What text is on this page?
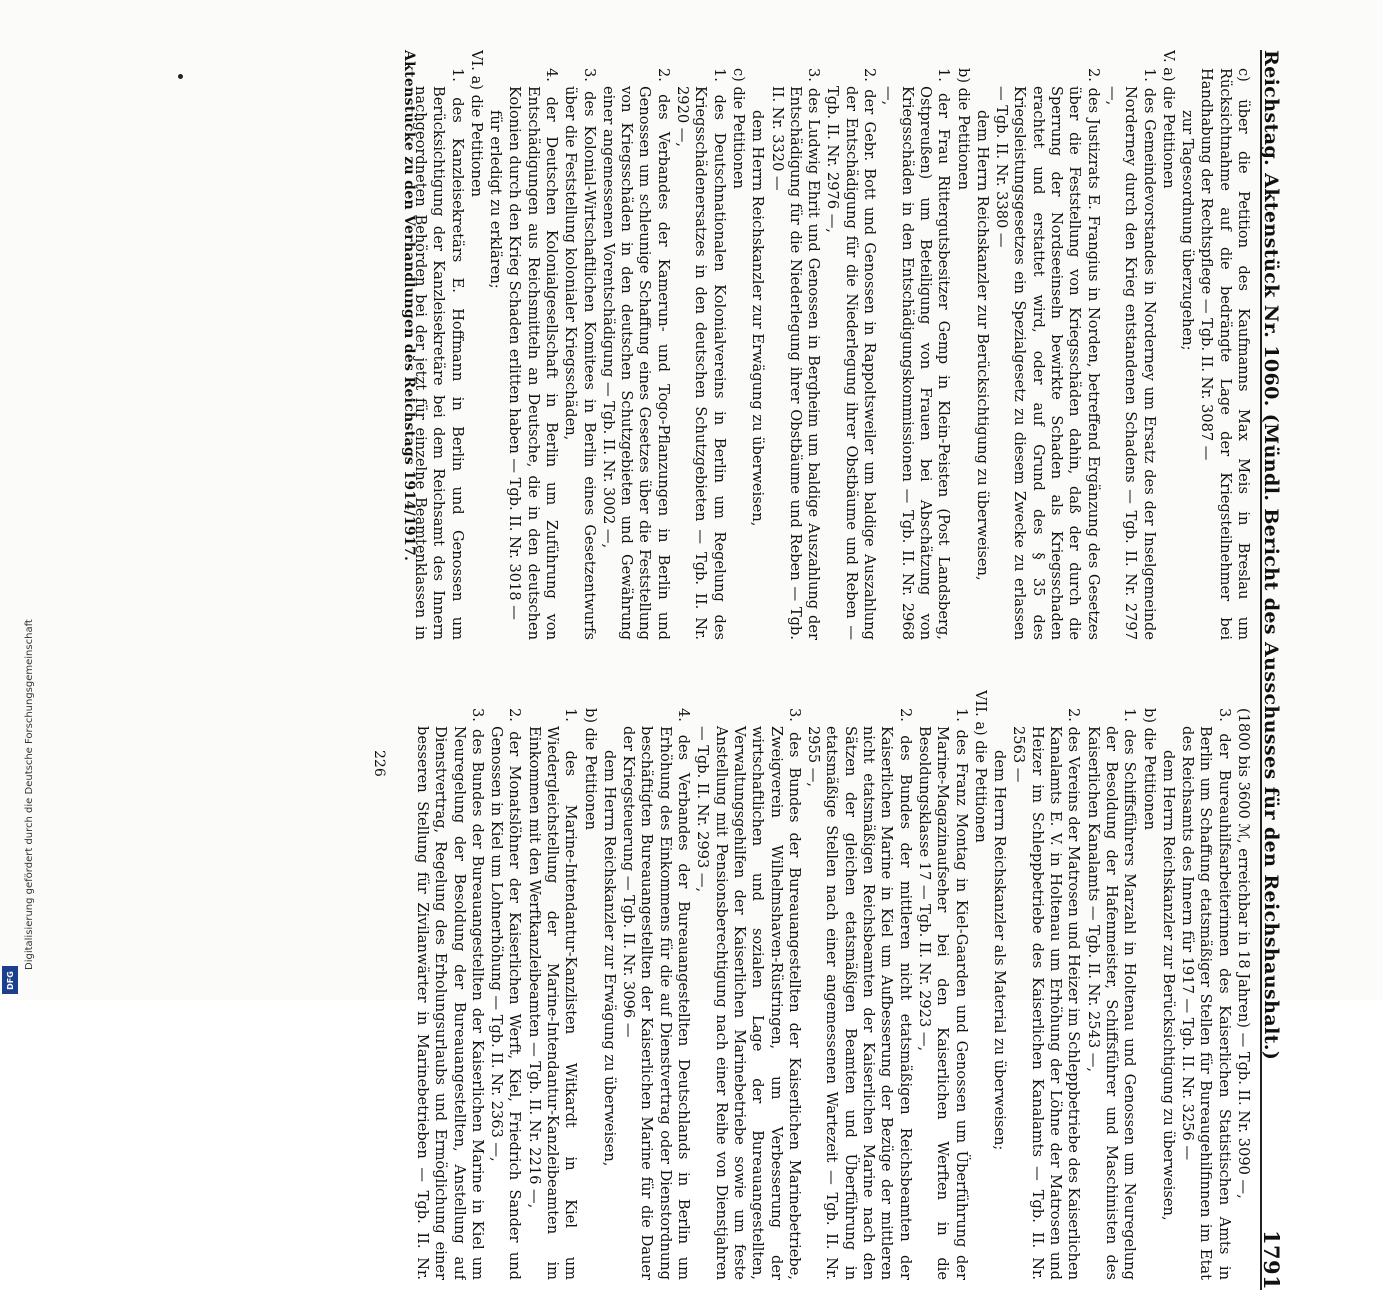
Reichstag. Aktenstück Nr. 1060. (Mündl. Bericht des Ausschusses für den Reichshaushalt.)
1791

c) über die Petition des Kaufmanns Max Meis in Breslau um Rücksichtnahme auf die bedrängte Lage der Kriegsteilnehmer bei Handhabung der Rechtspflege — Tgb. II. Nr. 3087 —

zur Tagesordnung überzugehen;

V. a) die Petitionen

1. des Gemeindevorstandes in Norderney um Ersatz des der Inselgemeinde Norderney durch den Krieg entstandenen Schadens — Tgb. II. Nr. 2797 —,

2. des Justizrats E. Frangius in Norden, betreffend Ergänzung des Gesetzes über die Feststellung von Kriegsschäden dahin, daß der durch die Sperrung der Nordseeinseln bewirkte Schaden als Kriegsschaden erachtet und erstattet wird, oder auf Grund des § 35 des Kriegsleistungsgesetzes ein Spezialgesetz zu diesem Zwecke zu erlassen — Tgb. II. Nr. 3380 —

dem Herrn Reichskanzler zur Berücksichtigung zu überweisen,

b) die Petitionen

1. der Frau Rittergutsbesitzer Gemp in Klein-Peisten (Post Landsberg, Ostpreußen) um Beteiligung von Frauen bei Abschätzung von Kriegsschäden in den Entschädigungskommissionen — Tgb. II. Nr. 2968 —,

2. der Gebr. Bott und Genossen in Rappoltsweiler um baldige Auszahlung der Entschädigung für die Niederlegung ihrer Obstbäume und Reben — Tgb. II. Nr. 2976 —,

3. des Ludwig Ehrit und Genossen in Bergheim um baldige Auszahlung der Entschädigung für die Niederlegung ihrer Obstbäume und Reben — Tgb. II. Nr. 3320 —

dem Herrn Reichskanzler zur Erwägung zu überweisen,

c) die Petitionen

1. des Deutschnationalen Kolonialvereins in Berlin um Regelung des Kriegsschädenersatzes in den deutschen Schutzgebieten — Tgb. II. Nr. 2920 —,

2. des Verbandes der Kamerun- und Togo-Pflanzungen in Berlin und Genossen um schleunige Schaffung eines Gesetzes über die Feststellung von Kriegsschäden in den deutschen Schutzgebieten und Gewährung einer angemessenen Vorentschädigung — Tgb. II. Nr. 3002 —,

3. des Kolonial-Wirtschaftlichen Komitees in Berlin eines Gesetzentwurfs über die Feststellung kolonialer Kriegsschäden,

4. der Deutschen Kolonialgesellschaft in Berlin um Zuführung von Entschädigungen aus Reichsmitteln an Deutsche, die in den deutschen Kolonien durch den Krieg Schaden erlitten haben — Tgb. II. Nr. 3018 —

für erledigt zu erklären;

VI. a) die Petitionen

1. des Kanzleisekretärs E. Hoffmann in Berlin und Genossen um Berücksichtigung der Kanzleisekretäre bei dem Reichsamt des Innern nachgeordneten Behörden bei der jetzt für einzelne Beamtenklassen in

(1800 bis 3600 ℳ, erreichbar in 18 Jahren) — Tgb. II. Nr. 3090 —,

3. der Bureauhilfsarbeiterinnen des Kaiserlichen Statistischen Amts in Berlin um Schaffung etatsmäßiger Stellen für Bureaugehilfinnen im Etat des Reichsamts des Innern für 1917 — Tgb. II. Nr. 3256 —

dem Herrn Reichskanzler zur Berücksichtigung zu überweisen,

b) die Petitionen

1. des Schiffsführers Marzahl in Holtenau und Genossen um Neuregelung der Besoldung der Hafenmeister, Schiffsführer und Maschinisten des Kaiserlichen Kanalamts — Tgb. II. Nr. 2543 —,

2. des Vereins der Matrosen und Heizer im Schleppbetriebe des Kaiserlichen Kanalamts E. V. in Holtenau um Erhöhung der Löhne der Matrosen und Heizer im Schleppbetriebe des Kaiserlichen Kanalamts — Tgb. II. Nr. 2563 —

dem Herrn Reichskanzler als Material zu überweisen;

VII. a) die Petitionen

1. des Franz Montag in Kiel-Gaarden und Genossen um Überführung der Marine-Magazinaufseher bei den Kaiserlichen Werften in die Besoldungsklasse 17 — Tgb. II. Nr. 2923 —,

2. des Bundes der mittleren nicht etatsmäßigen Reichsbeamten der Kaiserlichen Marine in Kiel um Aufbesserung der Bezüge der mittleren nicht etatsmäßigen Reichsbeamten der Kaiserlichen Marine nach den Sätzen der gleichen etatsmäßigen Beamten und Überführung in etatsmäßige Stellen nach einer angemessenen Wartezeit — Tgb. II. Nr. 2955 —,

3. des Bundes der Bureauangestellten der Kaiserlichen Marinebetriebe, Zweigverein Wilhelmshaven-Rüstringen, um Verbesserung der wirtschaftlichen und sozialen Lage der Bureauangestellten, Verwaltungsgehilfen der Kaiserlichen Marinebetriebe sowie um feste Anstellung mit Pensionsberechtigung nach einer Reihe von Dienstjahren — Tgb. II. Nr. 2993 —,

4. des Verbandes der Bureauangestellten Deutschlands in Berlin um Erhöhung des Einkommens für die auf Dienstvertrag oder Dienstordnung beschäftigten Bureauangestellten der Kaiserlichen Marine für die Dauer der Kriegsteuerung — Tgb. II. Nr. 3096 —

dem Herrn Reichskanzler zur Erwägung zu überweisen,

b) die Petitionen

1. des Marine-Intendantur-Kanzlisten Witkardt in Kiel um Wiedergleichstellung der Marine-Intendantur-Kanzleibeamten im Einkommen mit den Werftkanzleibeamten — Tgb. II. Nr. 2216 —,

2. der Monatslöhner der Kaiserlichen Werft, Kiel, Friedrich Sander und Genossen in Kiel um Lohnerhöhung — Tgb. II. Nr. 2363 —,

3. des Bundes der Bureauangestellten der Kaiserlichen Marine in Kiel um Neuregelung der Besoldung der Bureauangestellten, Anstellung auf Dienstvertrag, Regelung des Erholungsurlaubs und Ermöglichung einer besseren Stellung für Zivilanwärter in Marinebetrieben — Tgb. II. Nr.

Aktenstücke zu den Verhandlungen des Reichstags 1914/1917.
226
Digitalisierung gefördert durch die Deutsche Forschungsgemeinschaft
DFG
